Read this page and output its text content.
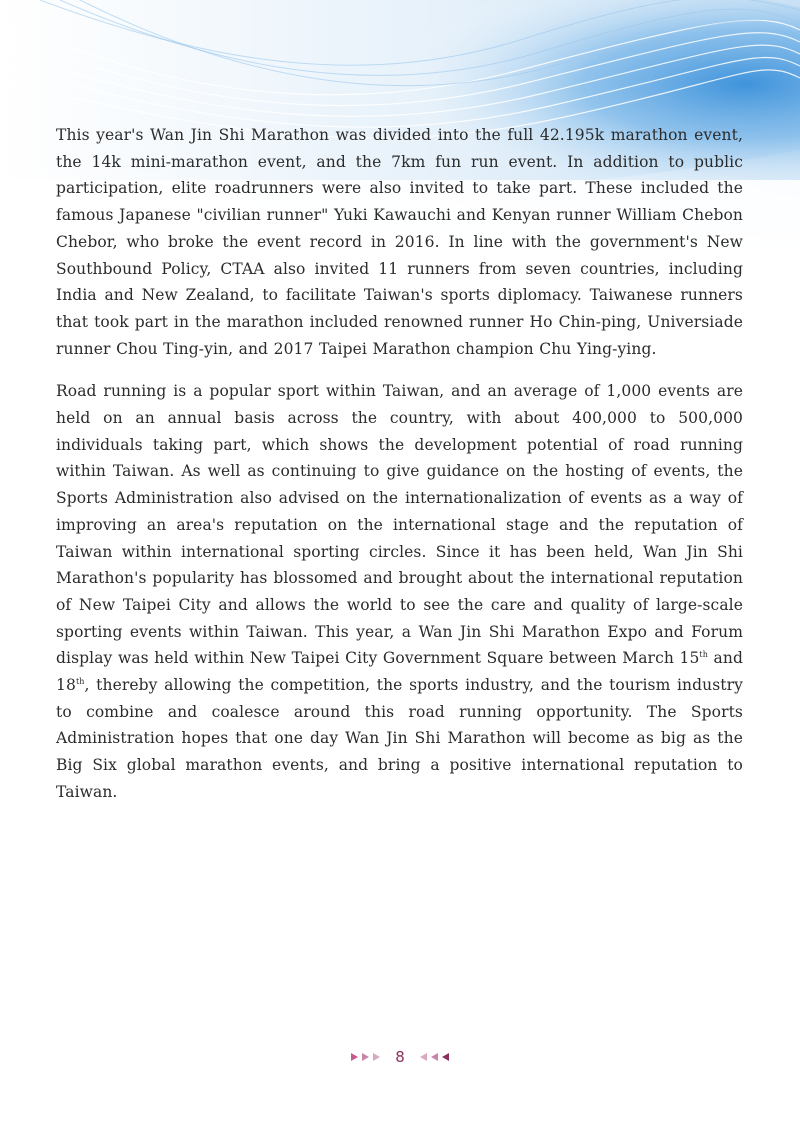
This year's Wan Jin Shi Marathon was divided into the full 42.195k marathon event, the 14k mini-marathon event, and the 7km fun run event. In addition to public participation, elite roadrunners were also invited to take part. These included the famous Japanese "civilian runner" Yuki Kawauchi and Kenyan runner William Chebon Chebor, who broke the event record in 2016. In line with the government's New Southbound Policy, CTAA also invited 11 runners from seven countries, including India and New Zealand, to facilitate Taiwan's sports diplomacy. Taiwanese runners that took part in the marathon included renowned runner Ho Chin-ping, Universiade runner Chou Ting-yin, and 2017 Taipei Marathon champion Chu Ying-ying.

Road running is a popular sport within Taiwan, and an average of 1,000 events are held on an annual basis across the country, with about 400,000 to 500,000 individuals taking part, which shows the development potential of road running within Taiwan. As well as continuing to give guidance on the hosting of events, the Sports Administration also advised on the internationalization of events as a way of improving an area's reputation on the international stage and the reputation of Taiwan within international sporting circles. Since it has been held, Wan Jin Shi Marathon's popularity has blossomed and brought about the international reputation of New Taipei City and allows the world to see the care and quality of large-scale sporting events within Taiwan. This year, a Wan Jin Shi Marathon Expo and Forum display was held within New Taipei City Government Square between March 15th and 18th, thereby allowing the competition, the sports industry, and the tourism industry to combine and coalesce around this road running opportunity. The Sports Administration hopes that one day Wan Jin Shi Marathon will become as big as the Big Six global marathon events, and bring a positive international reputation to Taiwan.

8
